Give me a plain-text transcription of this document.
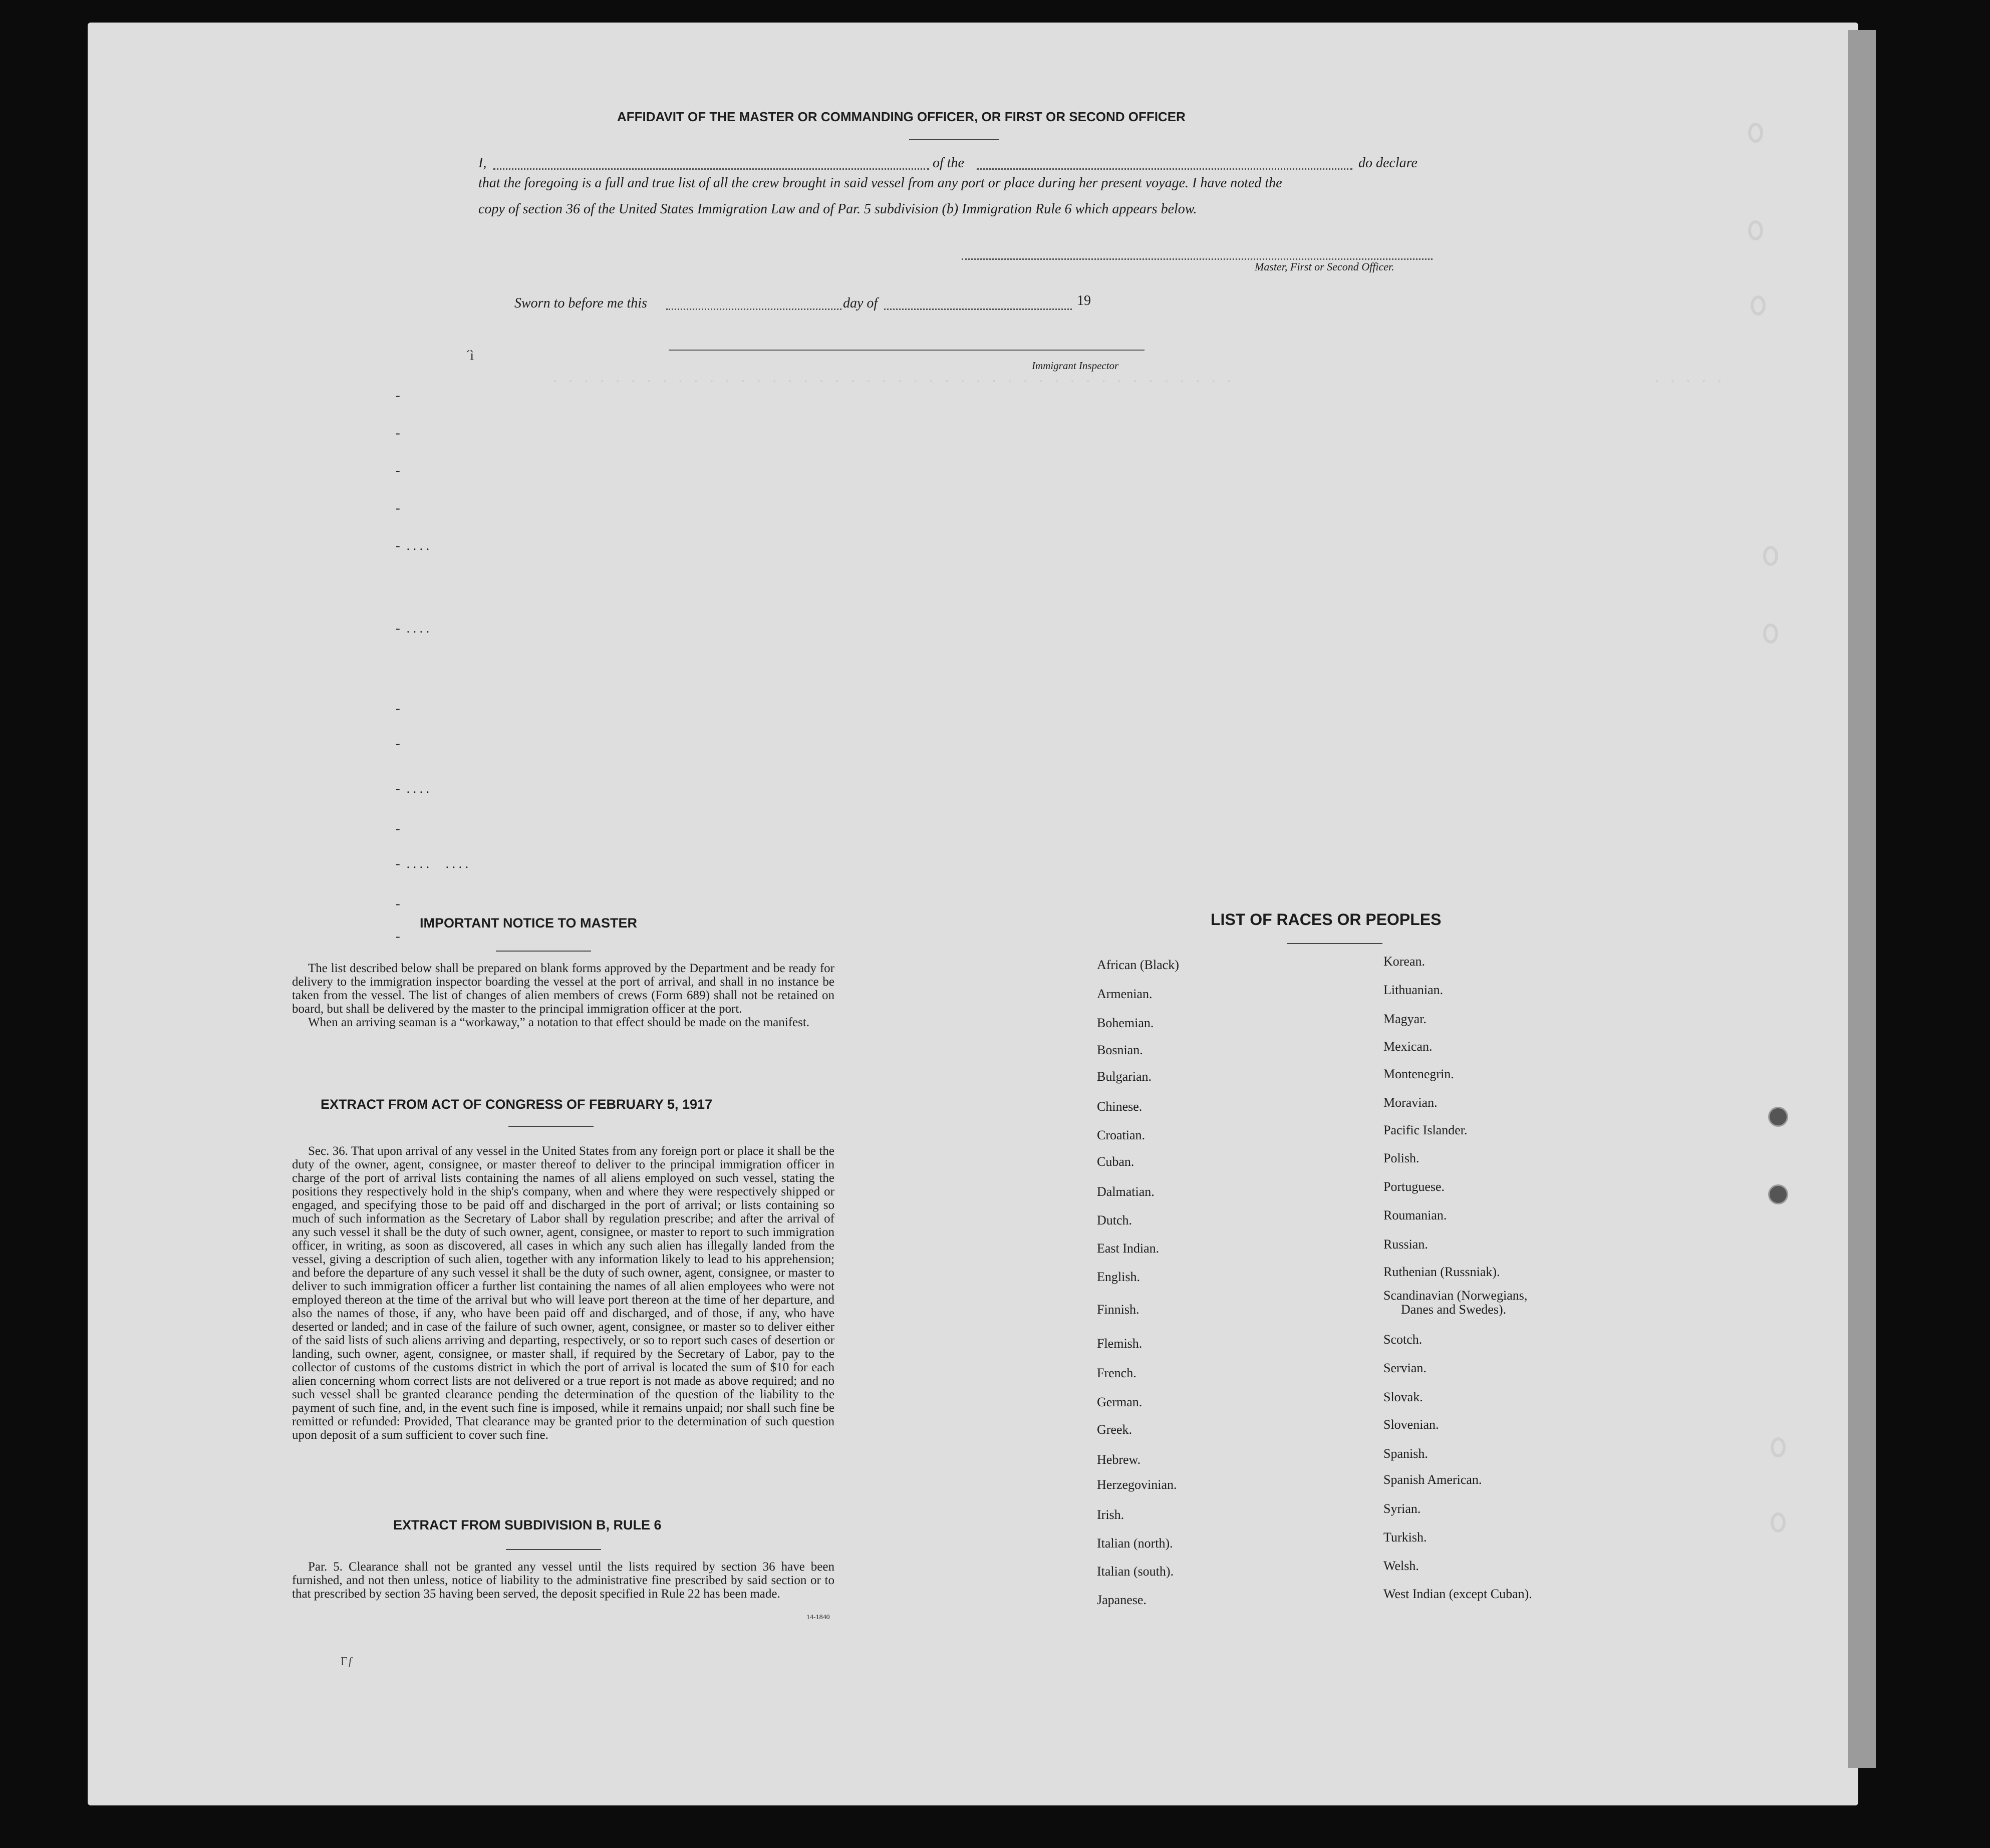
. . . . . . . . . . . . . . . . . . . . . . . . . . . . . . . . . . . . . . . . . . . .	. . . . .
-
-
-
-
-  . . . .
-  . . . .
-
-
-  . . . .
-
-  . . . .     . . . .
-
-
´ì
AFFIDAVIT OF THE MASTER OR COMMANDING OFFICER, OR FIRST OR SECOND OFFICER
I,	of the	do declare
that the foregoing is a full and true list of all the crew brought in said vessel from any port or place during her present voyage. I have noted the
copy of section 36 of the United States Immigration Law and of Par. 5 subdivision (b) Immigration Rule 6 which appears below.
Master, First or Second Officer.
Sworn to before me this	day of	19
Immigrant Inspector
IMPORTANT NOTICE TO MASTER

The list described below shall be prepared on blank forms approved by the Department and be ready for delivery to the immigration inspector boarding the vessel at the port of arrival, and shall in no instance be taken from the vessel. The list of changes of alien members of crews (Form 689) shall not be retained on board, but shall be delivered by the master to the principal immigration officer at the port.

When an arriving seaman is a “workaway,” a notation to that effect should be made on the manifest.

EXTRACT FROM ACT OF CONGRESS OF FEBRUARY 5, 1917

Sec. 36. That upon arrival of any vessel in the United States from any foreign port or place it shall be the duty of the owner, agent, consignee, or master thereof to deliver to the principal immigration officer in charge of the port of arrival lists containing the names of all aliens employed on such vessel, stating the positions they respectively hold in the ship's company, when and where they were respectively shipped or engaged, and specifying those to be paid off and discharged in the port of arrival; or lists containing so much of such information as the Secretary of Labor shall by regulation prescribe; and after the arrival of any such vessel it shall be the duty of such owner, agent, consignee, or master to report to such immigration officer, in writing, as soon as discovered, all cases in which any such alien has illegally landed from the vessel, giving a description of such alien, together with any information likely to lead to his apprehension; and before the departure of any such vessel it shall be the duty of such owner, agent, consignee, or master to deliver to such immigration officer a further list containing the names of all alien employees who were not employed thereon at the time of the arrival but who will leave port thereon at the time of her departure, and also the names of those, if any, who have been paid off and discharged, and of those, if any, who have deserted or landed; and in case of the failure of such owner, agent, consignee, or master so to deliver either of the said lists of such aliens arriving and departing, respectively, or so to report such cases of desertion or landing, such owner, agent, consignee, or master shall, if required by the Secretary of Labor, pay to the collector of customs of the customs district in which the port of arrival is located the sum of $10 for each alien concerning whom correct lists are not delivered or a true report is not made as above required; and no such vessel shall be granted clearance pending the determination of the question of the liability to the payment of such fine, and, in the event such fine is imposed, while it remains unpaid; nor shall such fine be remitted or refunded: Provided, That clearance may be granted prior to the determination of such question upon deposit of a sum sufficient to cover such fine.

EXTRACT FROM SUBDIVISION B, RULE 6

Par. 5. Clearance shall not be granted any vessel until the lists required by section 36 have been furnished, and not then unless, notice of liability to the administrative fine prescribed by said section or to that prescribed by section 35 having been served, the deposit specified in Rule 22 has been made.

14-1840
Γƒ
LIST OF RACES OR PEOPLES
African (Black)
Armenian.
Bohemian.
Bosnian.
Bulgarian.
Chinese.
Croatian.
Cuban.
Dalmatian.
Dutch.
East Indian.
English.
Finnish.
Flemish.
French.
German.
Greek.
Hebrew.
Herzegovinian.
Irish.
Italian (north).
Italian (south).
Japanese.
Korean.
Lithuanian.
Magyar.
Mexican.
Montenegrin.
Moravian.
Pacific Islander.
Polish.
Portuguese.
Roumanian.
Russian.
Ruthenian (Russniak).
Scandinavian (Norwegians,
Danes and Swedes).
Scotch.
Servian.
Slovak.
Slovenian.
Spanish.
Spanish American.
Syrian.
Turkish.
Welsh.
West Indian (except Cuban).
